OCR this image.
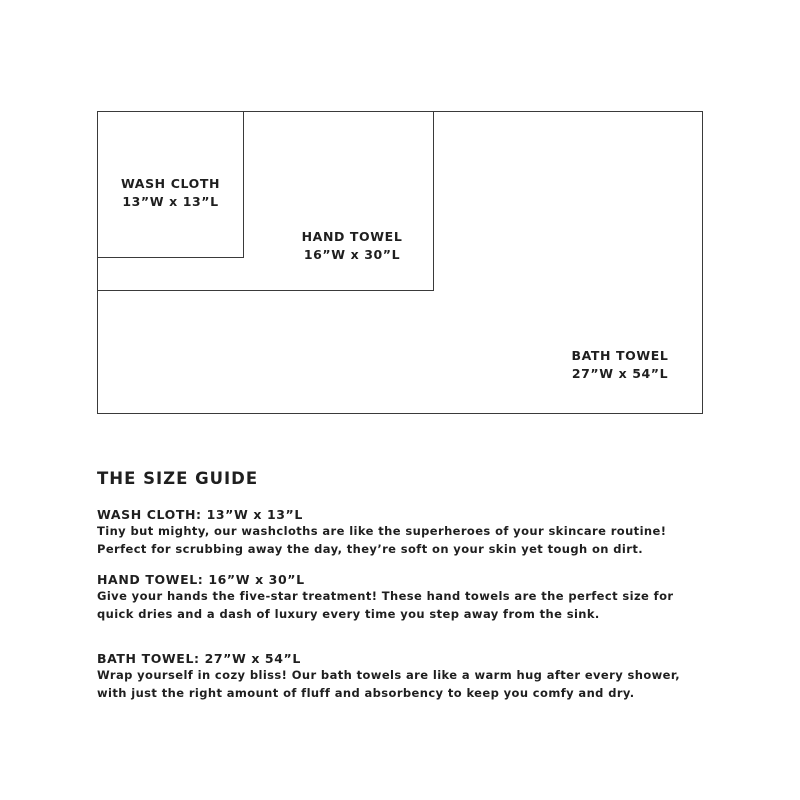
WASH CLOTH
13”W x 13”L
HAND TOWEL
16”W x 30”L
BATH TOWEL
27”W x 54”L
THE SIZE GUIDE
WASH CLOTH: 13”W x 13”L
Tiny but mighty, our washcloths are like the superheroes of your skincare routine!
Perfect for scrubbing away the day, they’re soft on your skin yet tough on dirt.
HAND TOWEL: 16”W x 30”L
Give your hands the five-star treatment! These hand towels are the perfect size for
quick dries and a dash of luxury every time you step away from the sink.
BATH TOWEL: 27”W x 54”L
Wrap yourself in cozy bliss! Our bath towels are like a warm hug after every shower,
with just the right amount of fluff and absorbency to keep you comfy and dry.
